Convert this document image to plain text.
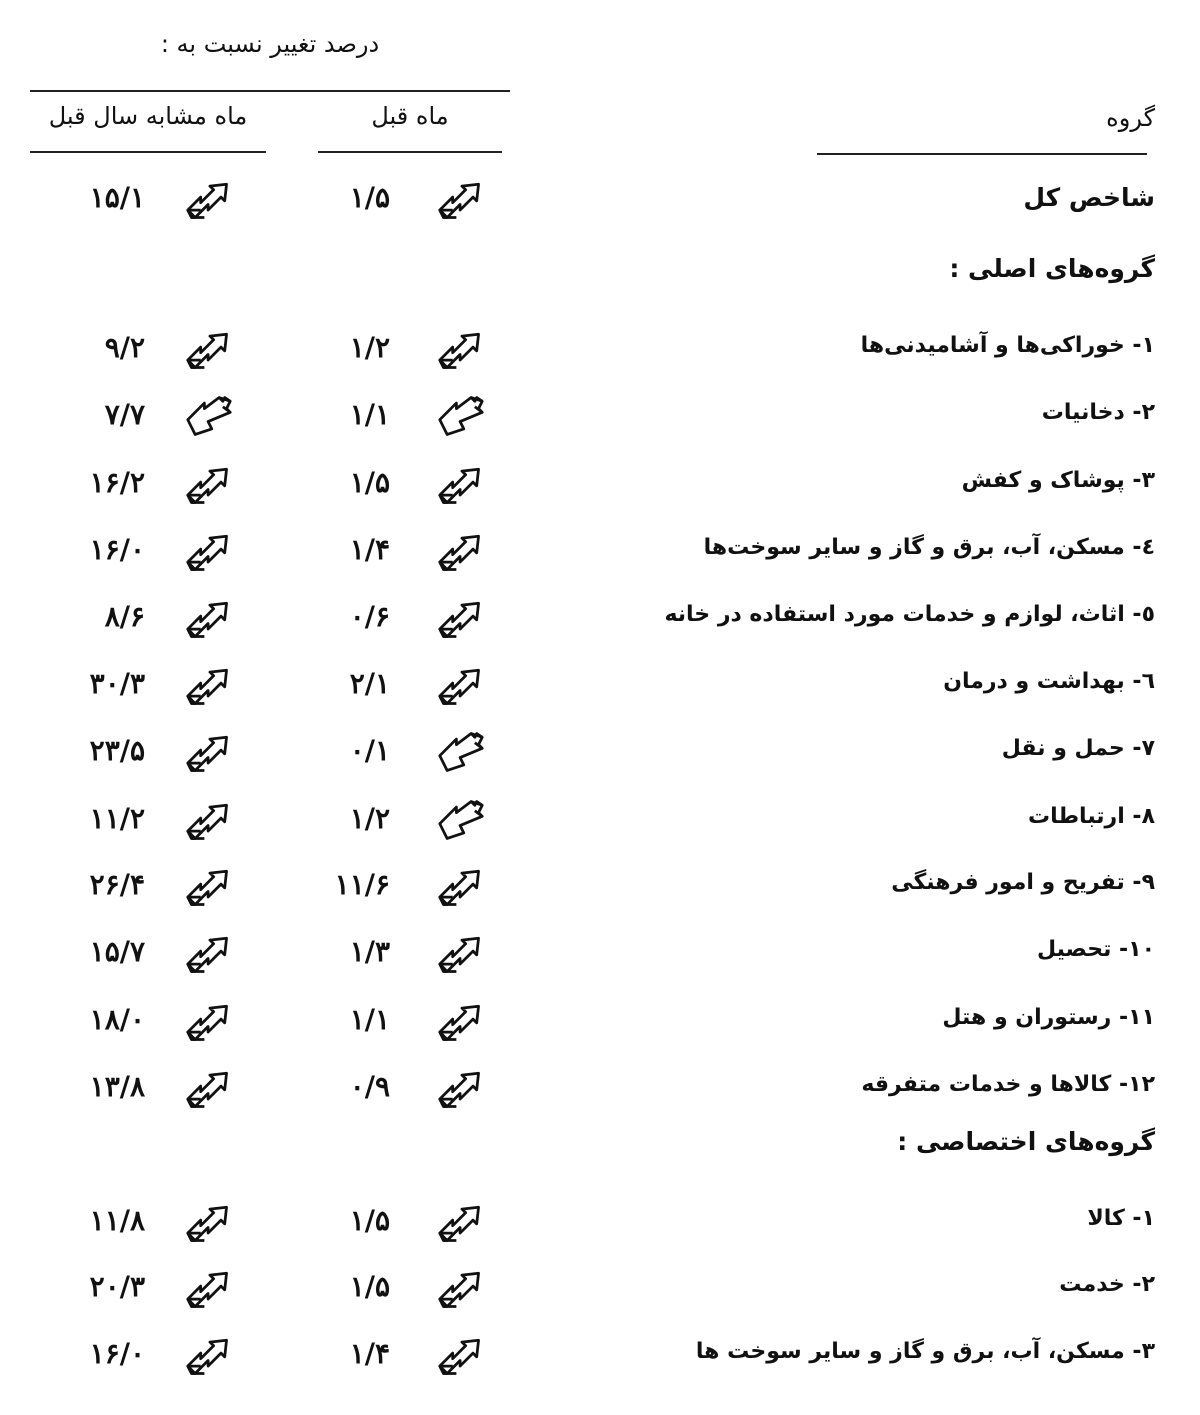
درصد تغییر نسبت به :
ماه مشابه سال قبل	ماه قبل	گروه
شاخص کل
۱/۵
۱۵/۱
گروه‌های اصلی :
۱- خوراکی‌ها و آشامیدنی‌ها
۱/۲
۹/۲
۲- دخانیات
۱/۱
۷/۷
۳- پوشاک و کفش
۱/۵
۱۶/۲
٤- مسکن، آب، برق و گاز و سایر سوخت‌ها
۱/۴
۱۶/۰
٥- اثاث، لوازم و خدمات مورد استفاده در خانه
۰/۶
۸/۶
٦- بهداشت و درمان
۲/۱
۳۰/۳
۷- حمل و نقل
۰/۱
۲۳/۵
۸- ارتباطات
۱/۲
۱۱/۲
۹- تفریح و امور فرهنگی
۱۱/۶
۲۶/۴
۱۰- تحصیل
۱/۳
۱۵/۷
۱۱- رستوران و هتل
۱/۱
۱۸/۰
۱۲- کالاها و خدمات متفرقه
۰/۹
۱۳/۸
گروه‌های اختصاصی :
۱- کالا
۱/۵
۱۱/۸
۲- خدمت
۱/۵
۲۰/۳
۳- مسکن، آب، برق و گاز و سایر سوخت ها
۱/۴
۱۶/۰
